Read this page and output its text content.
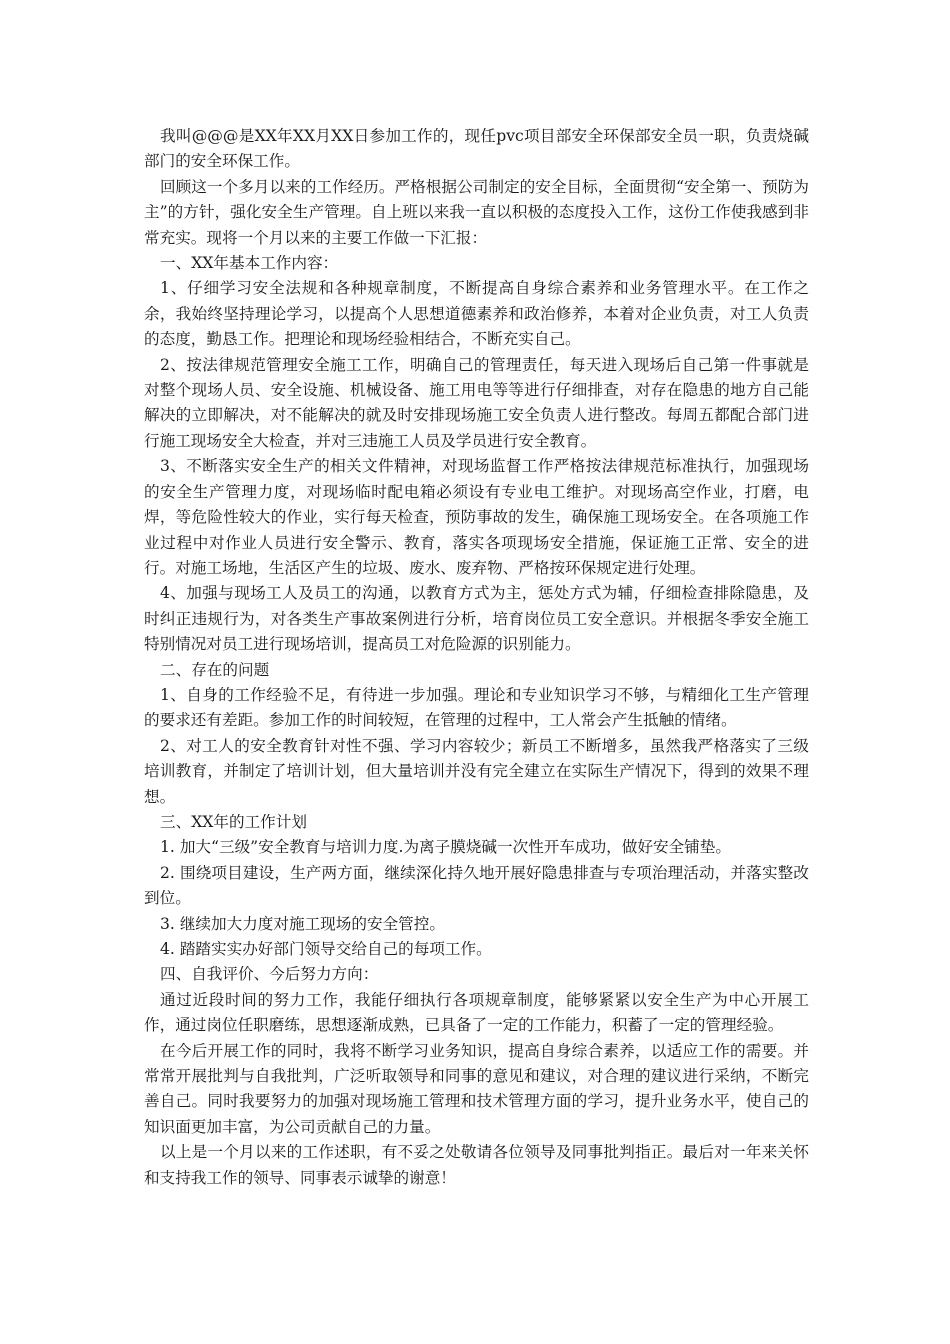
我叫@@@是XX年XX月XX日参加工作的，现任pvc项目部安全环保部安全员一职，负责烧碱部门的安全环保工作。

回顾这一个多月以来的工作经历。严格根据公司制定的安全目标，全面贯彻“安全第一、预防为主”的方针，强化安全生产管理。自上班以来我一直以积极的态度投入工作，这份工作使我感到非常充实。现将一个月以来的主要工作做一下汇报：

一、XX年基本工作内容：

1、仔细学习安全法规和各种规章制度，不断提高自身综合素养和业务管理水平。在工作之余，我始终坚持理论学习，以提高个人思想道德素养和政治修养，本着对企业负责，对工人负责的态度，勤恳工作。把理论和现场经验相结合，不断充实自己。

2、按法律规范管理安全施工工作，明确自己的管理责任，每天进入现场后自己第一件事就是对整个现场人员、安全设施、机械设备、施工用电等等进行仔细排查，对存在隐患的地方自己能解决的立即解决，对不能解决的就及时安排现场施工安全负责人进行整改。每周五都配合部门进行施工现场安全大检查，并对三违施工人员及学员进行安全教育。

3、不断落实安全生产的相关文件精神，对现场监督工作严格按法律规范标准执行，加强现场的安全生产管理力度，对现场临时配电箱必须设有专业电工维护。对现场高空作业，打磨，电焊，等危险性较大的作业，实行每天检查，预防事故的发生，确保施工现场安全。在各项施工作业过程中对作业人员进行安全警示、教育，落实各项现场安全措施，保证施工正常、安全的进行。对施工场地，生活区产生的垃圾、废水、废弃物、严格按环保规定进行处理。

4、加强与现场工人及员工的沟通，以教育方式为主，惩处方式为辅，仔细检查排除隐患，及时纠正违规行为，对各类生产事故案例进行分析，培育岗位员工安全意识。并根据冬季安全施工特别情况对员工进行现场培训，提高员工对危险源的识别能力。

二、存在的问题

1、自身的工作经验不足，有待进一步加强。理论和专业知识学习不够，与精细化工生产管理的要求还有差距。参加工作的时间较短，在管理的过程中，工人常会产生抵触的情绪。

2、对工人的安全教育针对性不强、学习内容较少；新员工不断增多，虽然我严格落实了三级培训教育，并制定了培训计划，但大量培训并没有完全建立在实际生产情况下，得到的效果不理想。

三、XX年的工作计划

1. 加大“三级”安全教育与培训力度.为离子膜烧碱一次性开车成功，做好安全铺垫。

2. 围绕项目建设，生产两方面，继续深化持久地开展好隐患排查与专项治理活动，并落实整改到位。

3. 继续加大力度对施工现场的安全管控。

4. 踏踏实实办好部门领导交给自己的每项工作。

四、自我评价、今后努力方向：

通过近段时间的努力工作，我能仔细执行各项规章制度，能够紧紧以安全生产为中心开展工作，通过岗位任职磨练，思想逐渐成熟，已具备了一定的工作能力，积蓄了一定的管理经验。

在今后开展工作的同时，我将不断学习业务知识，提高自身综合素养，以适应工作的需要。并常常开展批判与自我批判，广泛听取领导和同事的意见和建议，对合理的建议进行采纳，不断完善自己。同时我要努力的加强对现场施工管理和技术管理方面的学习，提升业务水平，使自己的知识面更加丰富，为公司贡献自己的力量。

以上是一个月以来的工作述职，有不妥之处敬请各位领导及同事批判指正。最后对一年来关怀和支持我工作的领导、同事表示诚挚的谢意！
